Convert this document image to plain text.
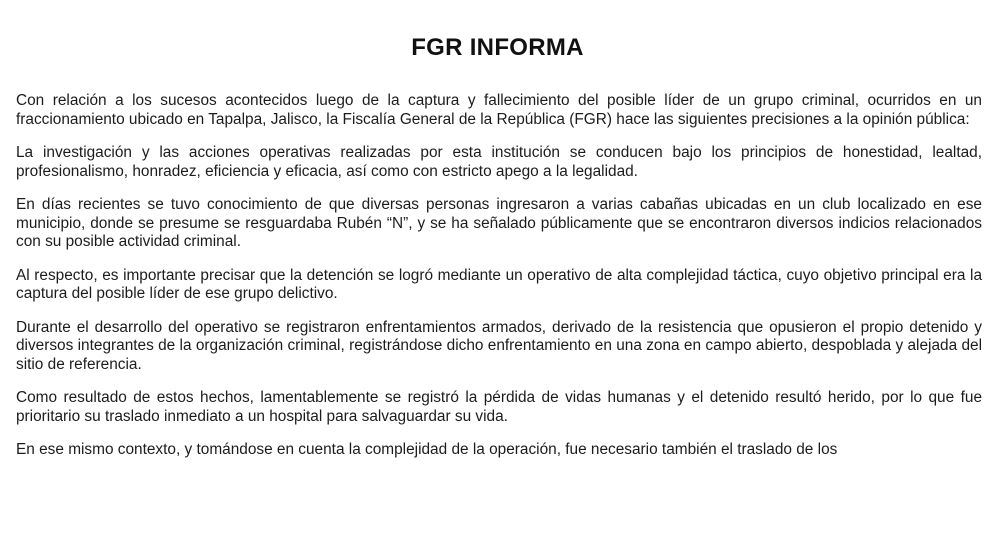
FGR INFORMA

Con relación a los sucesos acontecidos luego de la captura y fallecimiento del posible líder de un grupo criminal, ocurridos en un fraccionamiento ubicado en Tapalpa, Jalisco, la Fiscalía General de la República (FGR) hace las siguientes precisiones a la opinión pública:

La investigación y las acciones operativas realizadas por esta institución se conducen bajo los principios de honestidad, lealtad, profesionalismo, honradez, eficiencia y eficacia, así como con estricto apego a la legalidad.

En días recientes se tuvo conocimiento de que diversas personas ingresaron a varias cabañas ubicadas en un club localizado en ese municipio, donde se presume se resguardaba Rubén “N”, y se ha señalado públicamente que se encontraron diversos indicios relacionados con su posible actividad criminal.

Al respecto, es importante precisar que la detención se logró mediante un operativo de alta complejidad táctica, cuyo objetivo principal era la captura del posible líder de ese grupo delictivo.

Durante el desarrollo del operativo se registraron enfrentamientos armados, derivado de la resistencia que opusieron el propio detenido y diversos integrantes de la organización criminal, registrándose dicho enfrentamiento en una zona en campo abierto, despoblada y alejada del sitio de referencia.

Como resultado de estos hechos, lamentablemente se registró la pérdida de vidas humanas y el detenido resultó herido, por lo que fue prioritario su traslado inmediato a un hospital para salvaguardar su vida.

En ese mismo contexto, y tomándose en cuenta la complejidad de la operación, fue necesario también el traslado de los
